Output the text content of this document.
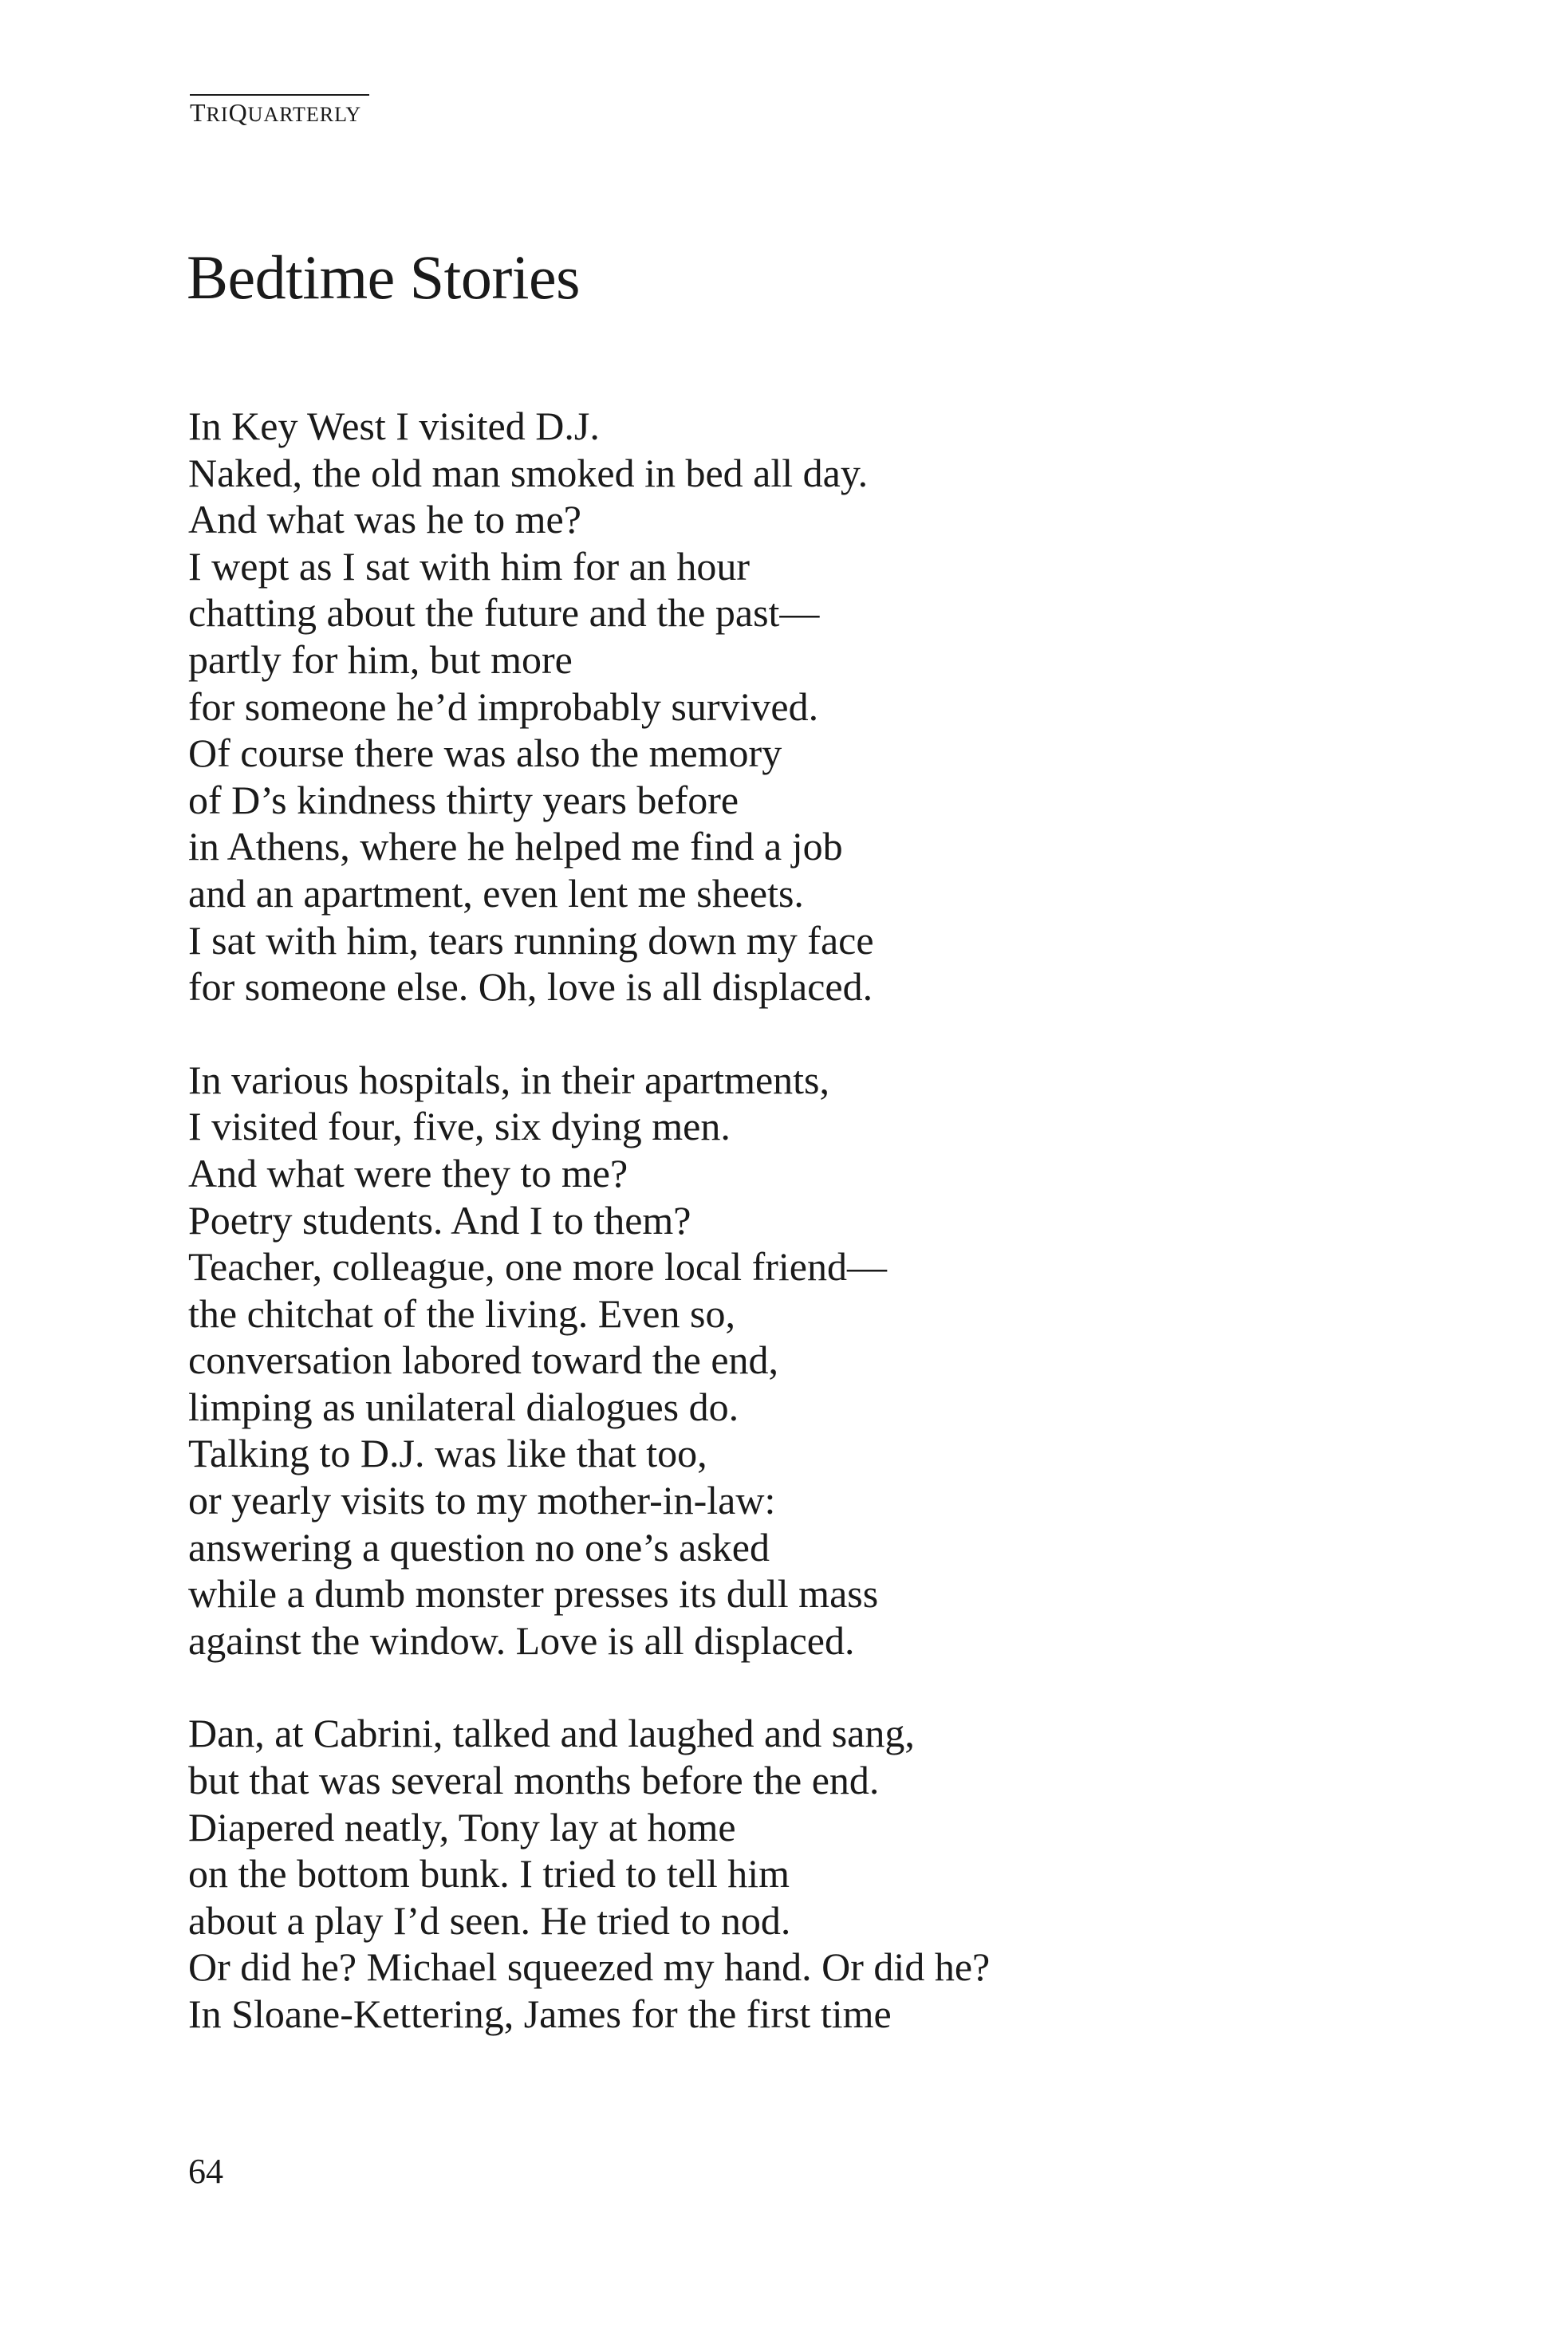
TRIQUARTERLY
Bedtime Stories
In Key West I visited D.J.
Naked, the old man smoked in bed all day.
And what was he to me?
I wept as I sat with him for an hour
chatting about the future and the past—
partly for him, but more
for someone he’d improbably survived.
Of course there was also the memory
of D’s kindness thirty years before
in Athens, where he helped me find a job
and an apartment, even lent me sheets.
I sat with him, tears running down my face
for someone else. Oh, love is all displaced.
In various hospitals, in their apartments,
I visited four, five, six dying men.
And what were they to me?
Poetry students. And I to them?
Teacher, colleague, one more local friend—
the chitchat of the living. Even so,
conversation labored toward the end,
limping as unilateral dialogues do.
Talking to D.J. was like that too,
or yearly visits to my mother-in-law:
answering a question no one’s asked
while a dumb monster presses its dull mass
against the window. Love is all displaced.
Dan, at Cabrini, talked and laughed and sang,
but that was several months before the end.
Diapered neatly, Tony lay at home
on the bottom bunk. I tried to tell him
about a play I’d seen. He tried to nod.
Or did he? Michael squeezed my hand. Or did he?
In Sloane-Kettering, James for the first time
64
